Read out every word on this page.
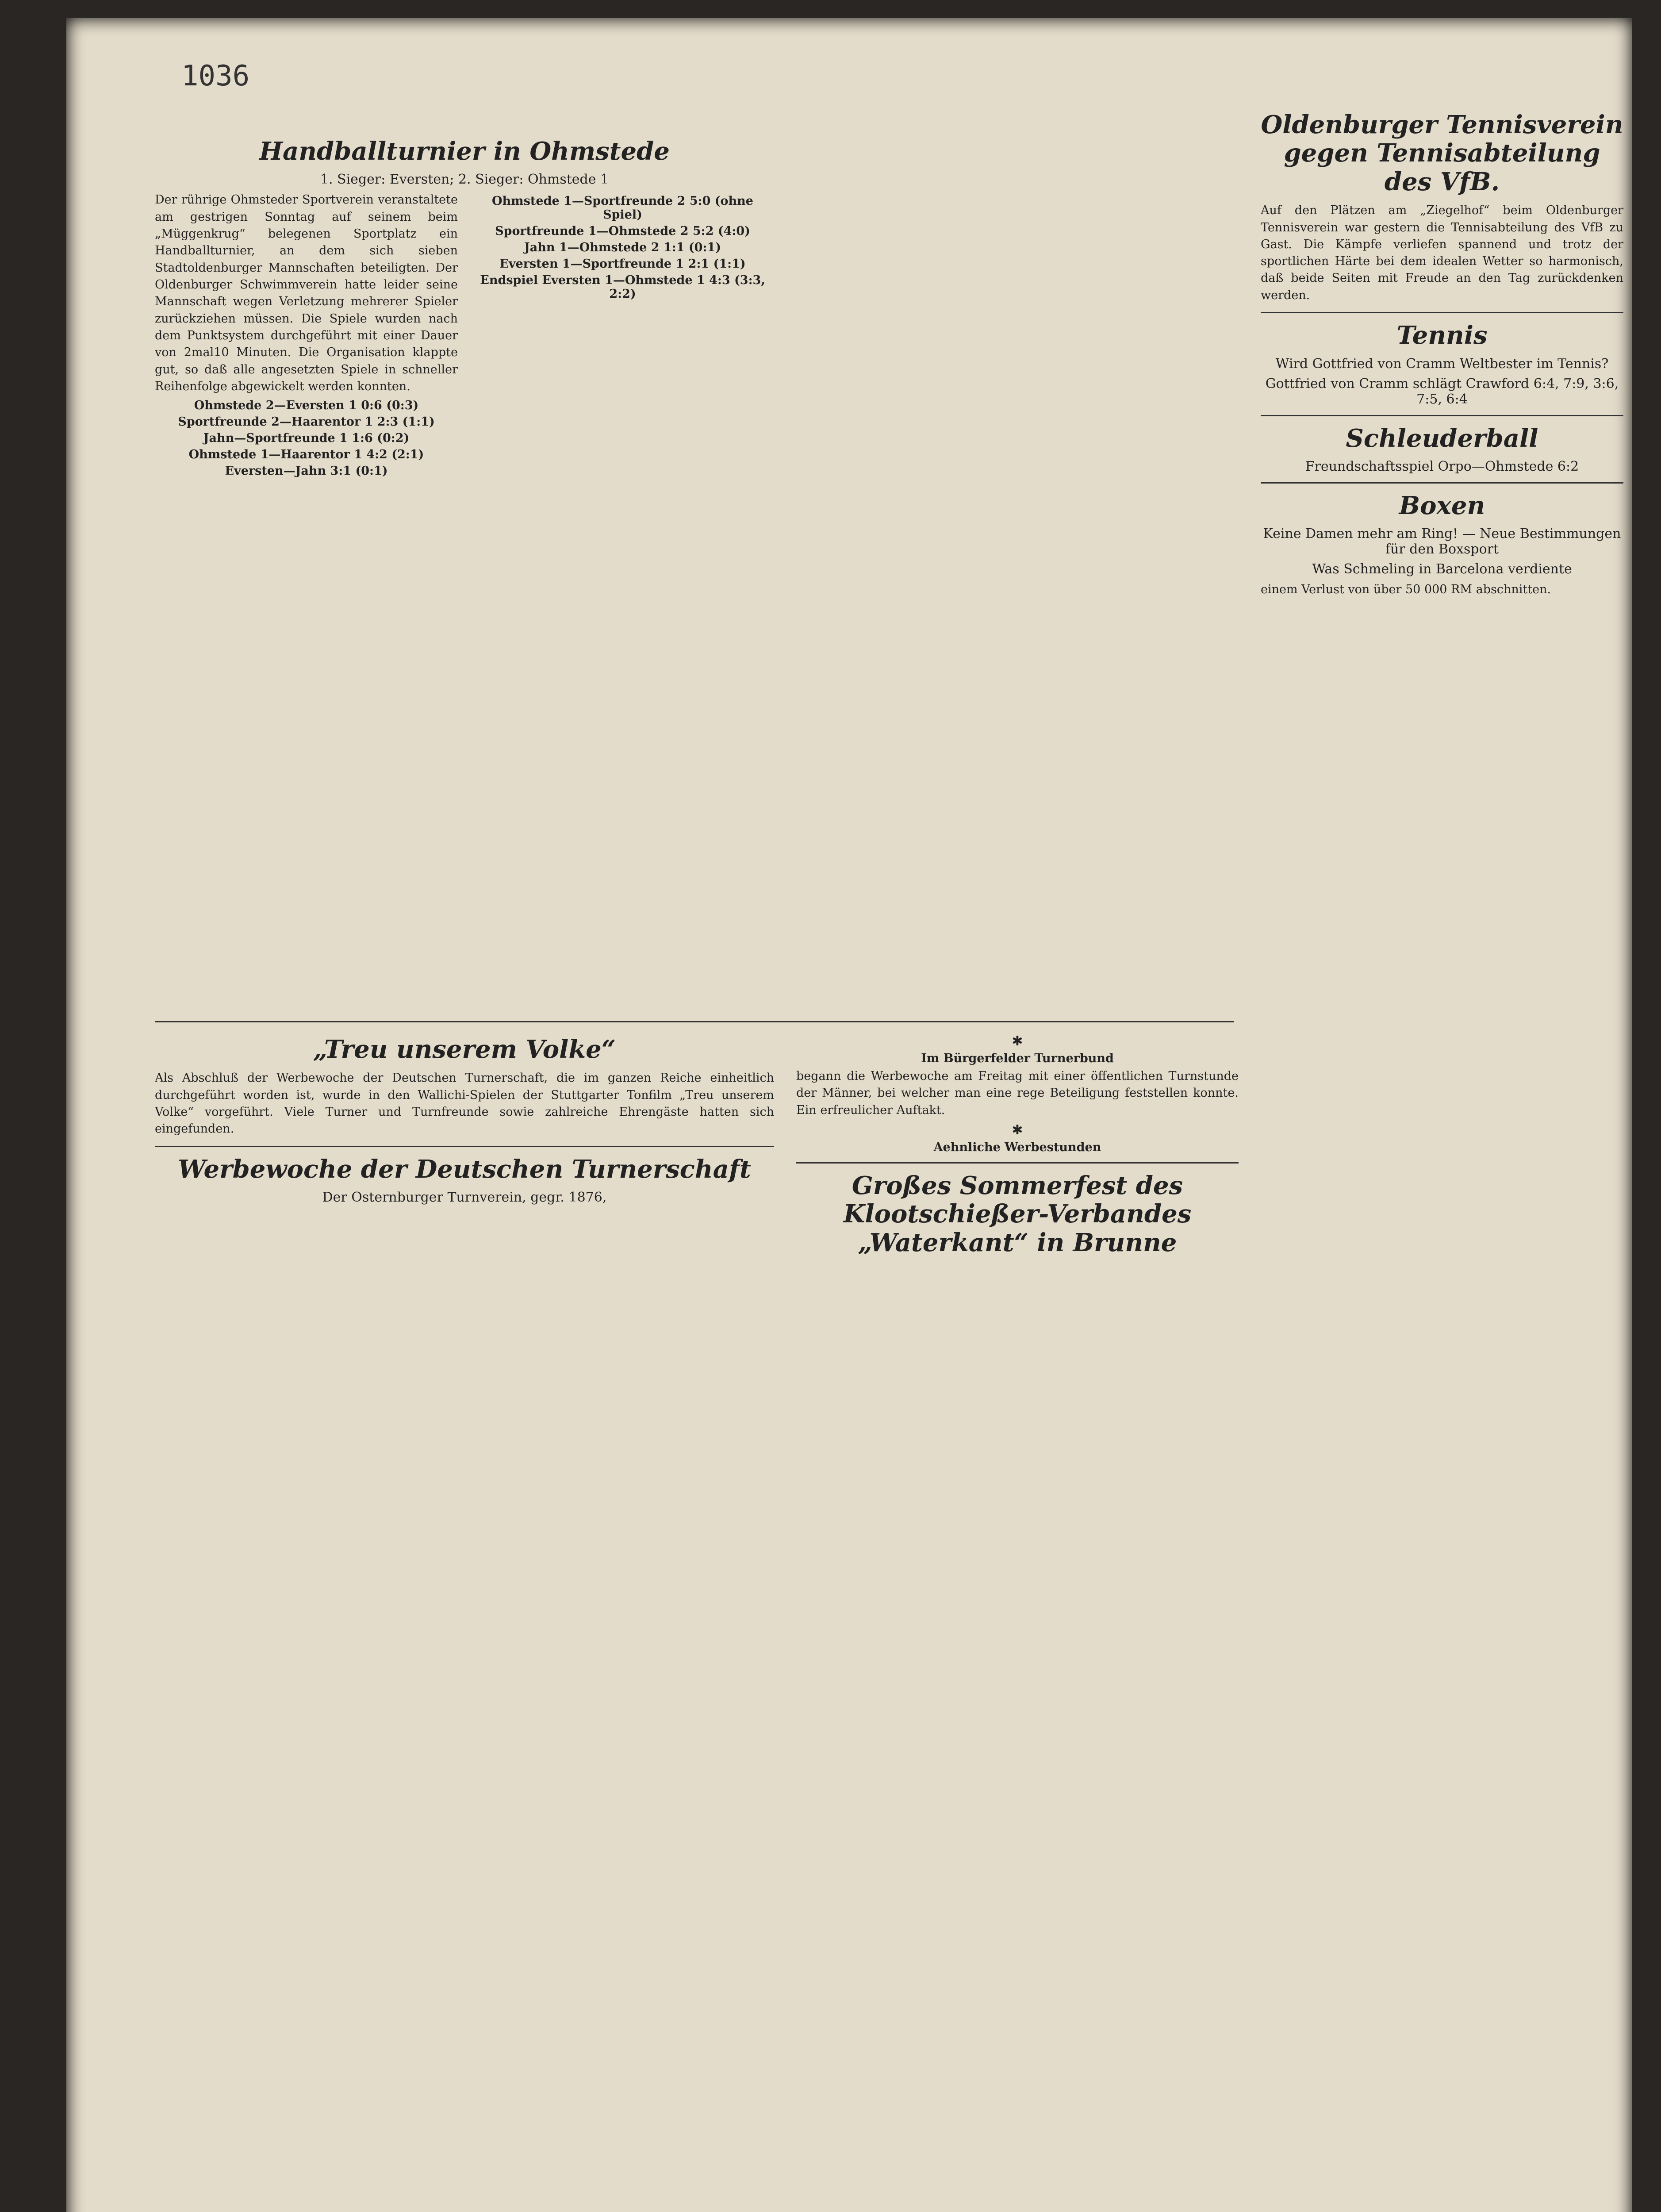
1036
Handballturnier in Ohmstede
1. Sieger: Eversten; 2. Sieger: Ohmstede 1

Der rührige Ohmsteder Sportverein veranstaltete am gestrigen Sonntag auf seinem beim „Müggenkrug“ belegenen Sportplatz ein Handballturnier, an dem sich sieben Stadtoldenburger Mannschaften beteiligten. Der Oldenburger Schwimmverein hatte leider seine Mannschaft wegen Verletzung mehrerer Spieler zurückziehen müssen. Die Spiele wurden nach dem Punktsystem durchgeführt mit einer Dauer von 2mal10 Minuten. Die Organisation klappte gut, so daß alle angesetzten Spiele in schneller Reihenfolge abgewickelt werden konnten.

Ohmstede 2—Eversten 1 0:6 (0:3)
Sportfreunde 2—Haarentor 1 2:3 (1:1)
Jahn—Sportfreunde 1 1:6 (0:2)
Ohmstede 1—Haarentor 1 4:2 (2:1)
Eversten—Jahn 3:1 (0:1)
Ohmstede 1—Sportfreunde 2 5:0 (ohne Spiel)
Sportfreunde 1—Ohmstede 2 5:2 (4:0)
Jahn 1—Ohmstede 2 1:1 (0:1)
Eversten 1—Sportfreunde 1 2:1 (1:1)
Endspiel Eversten 1—Ohmstede 1 4:3 (3:3, 2:2)
„Treu unserem Volke“

Als Abschluß der Werbewoche der Deutschen Turnerschaft, die im ganzen Reiche einheitlich durchgeführt worden ist, wurde in den Wallichi-Spielen der Stuttgarter Tonfilm „Treu unserem Volke“ vorgeführt. Viele Turner und Turnfreunde sowie zahlreiche Ehrengäste hatten sich eingefunden.

Werbewoche der Deutschen Turnerschaft
Der Osternburger Turnverein, gegr. 1876,
✱
Im Bürgerfelder Turnerbund

begann die Werbewoche am Freitag mit einer öffentlichen Turnstunde der Männer, bei welcher man eine rege Beteiligung feststellen konnte. Ein erfreulicher Auftakt.

✱
Aehnliche Werbestunden
Großes Sommerfest des Klootschießer-Verbandes „Waterkant“ in Brunne
Oldenburger Tennisverein gegen Tennisabteilung des VfB.

Auf den Plätzen am „Ziegelhof“ beim Oldenburger Tennisverein war gestern die Tennisabteilung des VfB zu Gast. Die Kämpfe verliefen spannend und trotz der sportlichen Härte bei dem idealen Wetter so harmonisch, daß beide Seiten mit Freude an den Tag zurückdenken werden.

Tennis
Wird Gottfried von Cramm Weltbester im Tennis?
Gottfried von Cramm schlägt Crawford 6:4, 7:9, 3:6, 7:5, 6:4
Schleuderball
Freundschaftsspiel Orpo—Ohmstede 6:2
Boxen
Keine Damen mehr am Ring! — Neue Bestimmungen für den Boxsport
Was Schmeling in Barcelona verdiente

einem Verlust von über 50 000 RM abschnitten.
